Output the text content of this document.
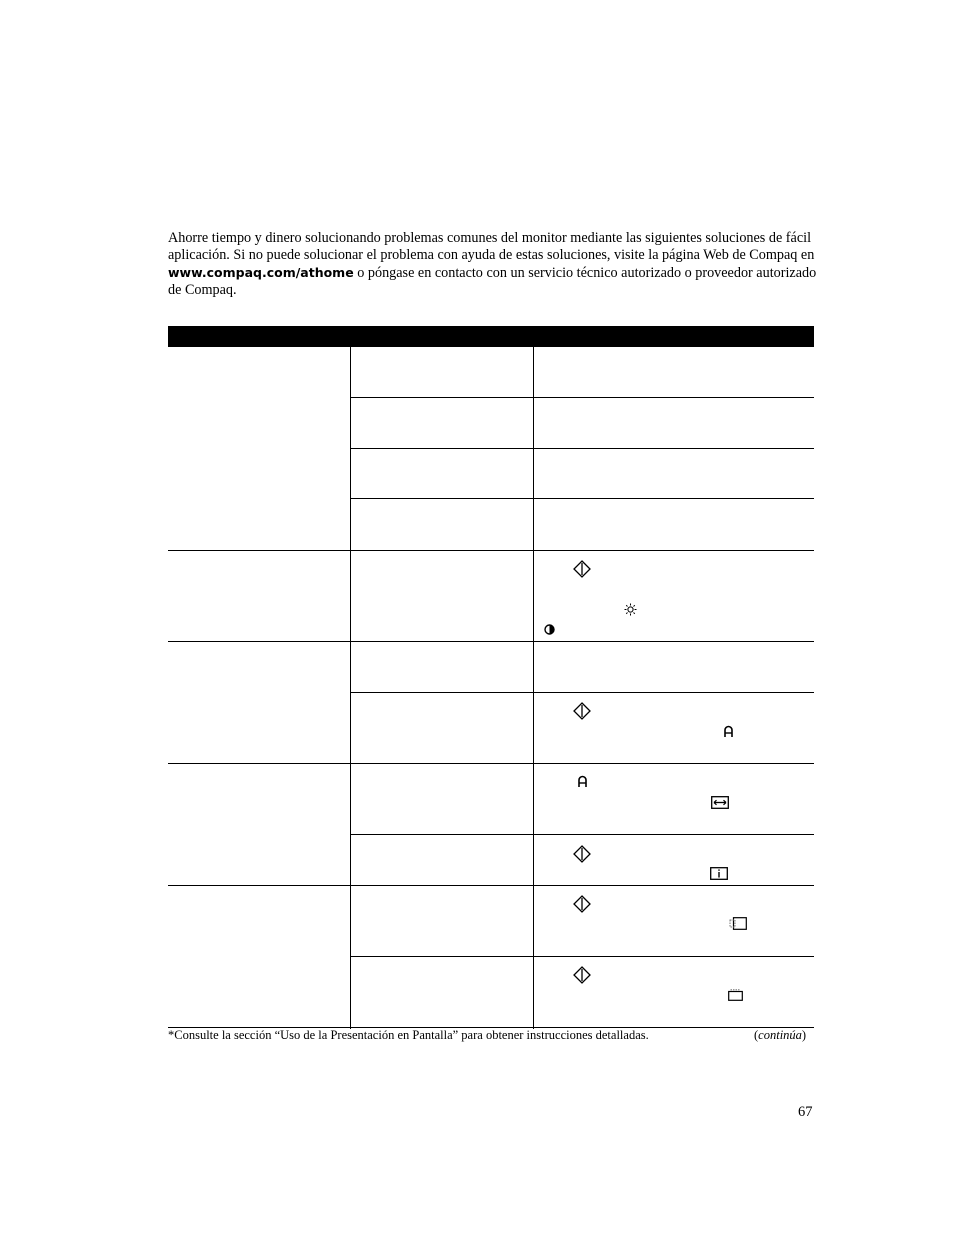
Ahorre tiempo y dinero solucionando problemas comunes del monitor mediante las siguientes soluciones de fácil aplicación. Si no puede solucionar el problema con ayuda de estas soluciones, visite la página Web de Compaq en www.compaq.com/athome o póngase en contacto con un servicio técnico autorizado o proveedor autorizado de Compaq.

*Consulte la sección “Uso de la Presentación en Pantalla” para obtener instrucciones detalladas.	(continúa)
67
